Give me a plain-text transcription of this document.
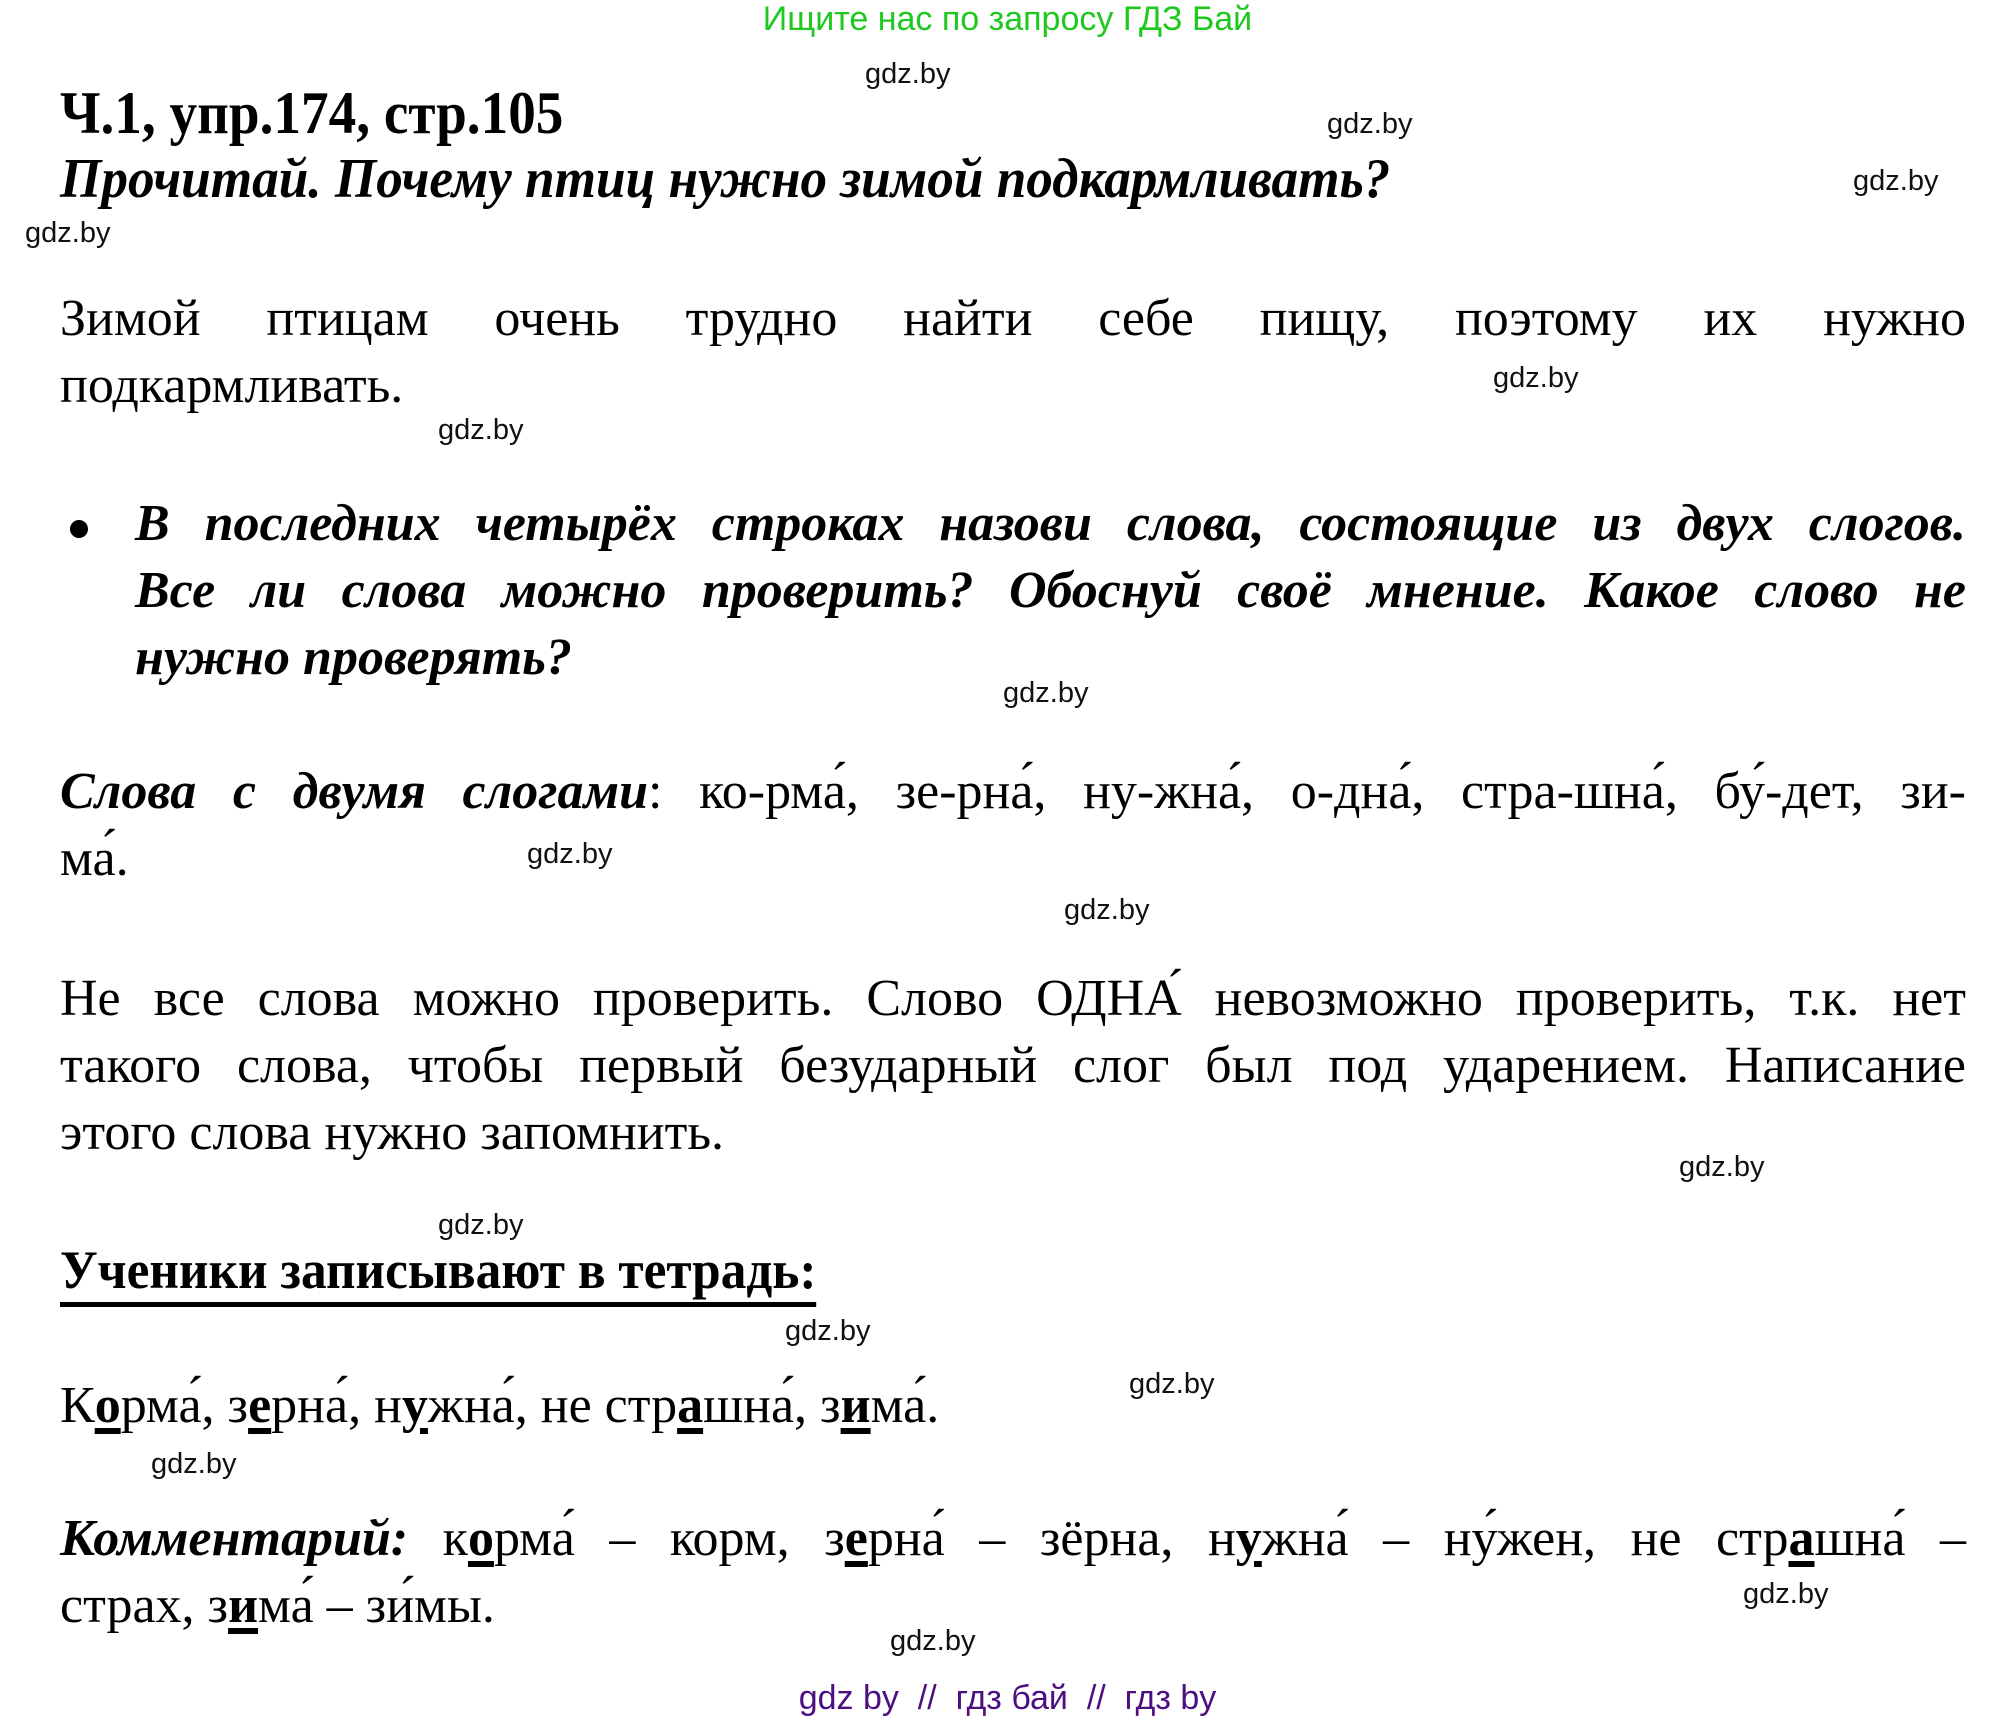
Ищите нас по запросу ГДЗ Бай
Ч.1, упр.174, стр.105
Прочитай. Почему птиц нужно зимой подкармливать?
Зимой птицам очень трудно найти себе пищу, поэтому их нужно
подкармливать.
В последних четырёх строках назови слова, состоящие из двух слогов.
Все ли слова можно проверить? Обоснуй своё мнение. Какое слово не
нужно проверять?
Слова с двумя слогами: ко-рма́, зе-рна́, ну-жна́, о-дна́, стра-шна́, бу́-дет, зи-
ма́.
Не все слова можно проверить. Слово ОДНА́ невозможно проверить, т.к. нет
такого слова, чтобы первый безударный слог был под ударением. Написание
этого слова нужно запомнить.
Ученики записывают в тетрадь:
Корма́, зерна́, нужна́, не страшна́, зима́.
Комментарий: корма́ – корм, зерна́ – зёрна, нужна́ – ну́жен, не страшна́ –
страх, зима́ – зи́мы.
gdz.by
gdz.by
gdz.by
gdz.by
gdz.by
gdz.by
gdz.by
gdz.by
gdz.by
gdz.by
gdz.by
gdz.by
gdz.by
gdz.by
gdz.by
gdz.by
gdz by  //  гдз бай  //  гдз by
